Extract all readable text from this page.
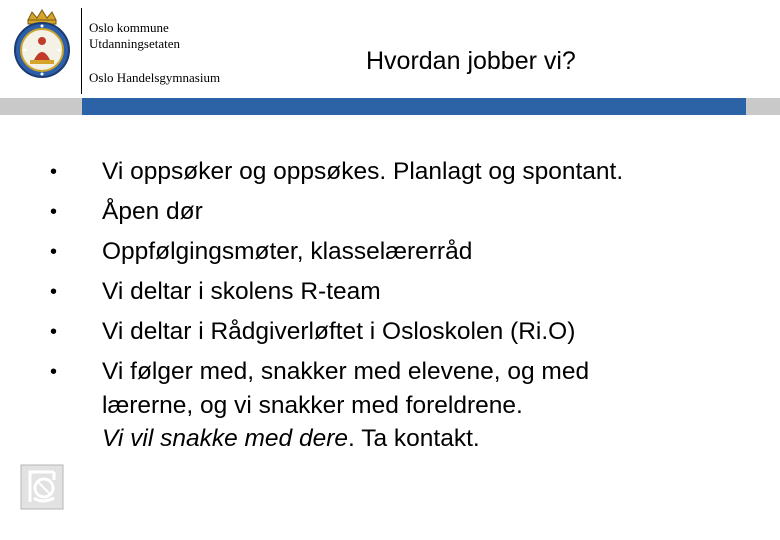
Oslo kommune
Utdanningsetaten
Oslo Handelsgymnasium
Hvordan jobber vi?
• Vi oppsøker og oppsøkes. Planlagt og spontant.
• Åpen dør
• Oppfølgingsmøter, klasselærerråd
• Vi deltar i skolens R-team
• Vi deltar i Rådgiverløftet i Osloskolen (Ri.O)
• Vi følger med, snakker med elevene, og med
lærerne, og vi snakker med foreldrene.
Vi vil snakke med dere. Ta kontakt.
